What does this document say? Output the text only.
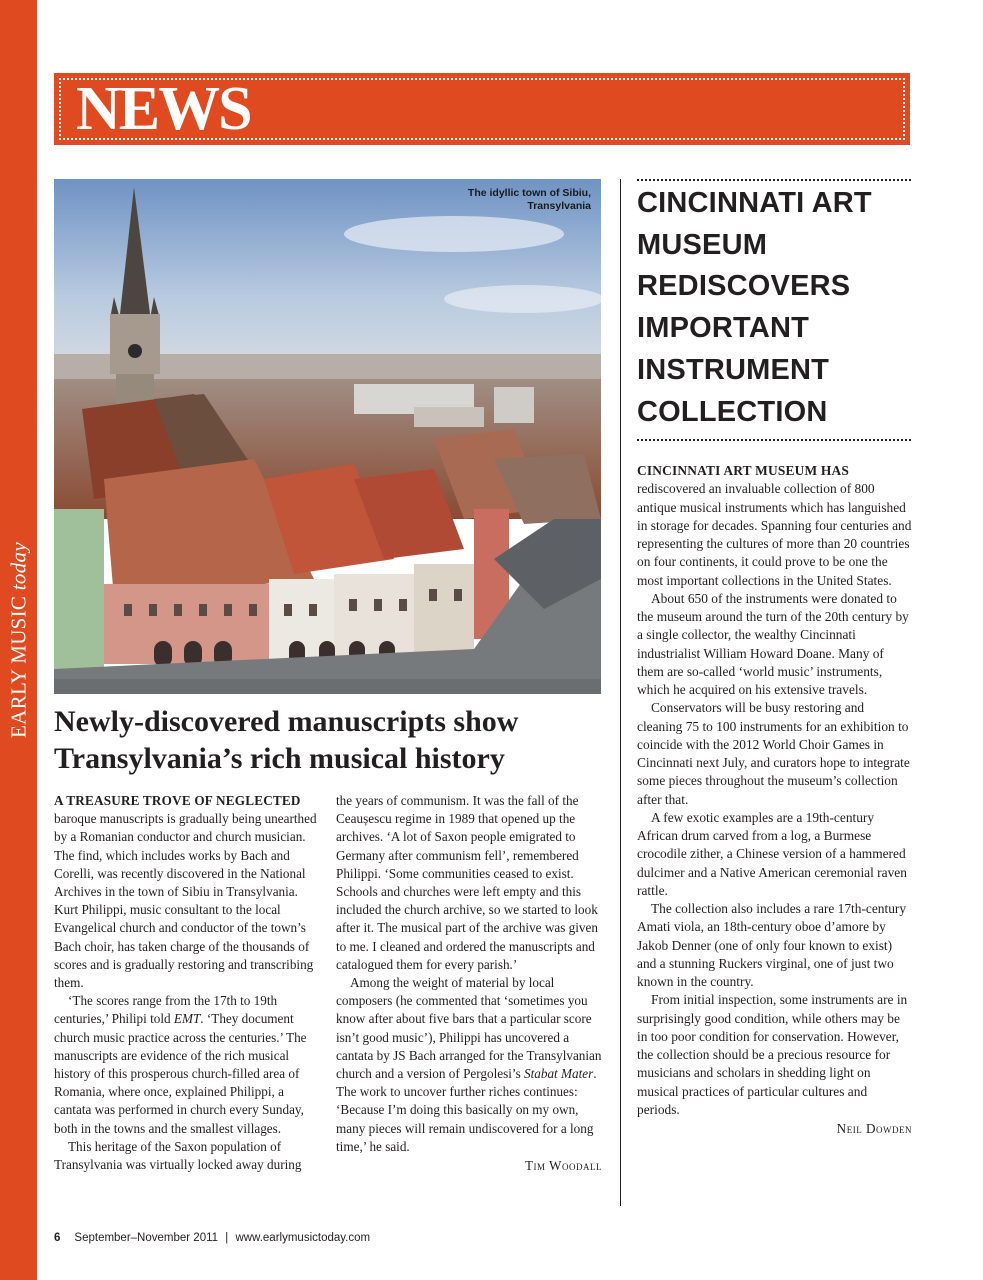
EARLY MUSIC today
NEWS
The idyllic town of Sibiu, Transylvania
Newly-discovered manuscripts show Transylvania’s rich musical history

A TREASURE TROVE OF NEGLECTED baroque manuscripts is gradually being unearthed by a Romanian conductor and church musician. The find, which includes works by Bach and Corelli, was recently discovered in the National Archives in the town of Sibiu in Transylvania. Kurt Philippi, music consultant to the local Evangelical church and conductor of the town’s Bach choir, has taken charge of the thousands of scores and is gradually restoring and transcribing them.

‘The scores range from the 17th to 19th centuries,’ Philipi told EMT. ‘They document church music practice across the centuries.’ The manuscripts are evidence of the rich musical history of this prosperous church-filled area of Romania, where once, explained Philippi, a cantata was performed in church every Sunday, both in the towns and the smallest villages.

This heritage of the Saxon population of Transylvania was virtually locked away during

the years of communism. It was the fall of the Ceaușescu regime in 1989 that opened up the archives. ‘A lot of Saxon people emigrated to Germany after communism fell’, remembered Philippi. ‘Some communities ceased to exist. Schools and churches were left empty and this included the church archive, so we started to look after it. The musical part of the archive was given to me. I cleaned and ordered the manuscripts and catalogued them for every parish.’

Among the weight of material by local composers (he commented that ‘sometimes you know after about five bars that a particular score isn’t good music’), Philippi has uncovered a cantata by JS Bach arranged for the Transylvanian church and a version of Pergolesi’s Stabat Mater. The work to uncover further riches continues: ‘Because I’m doing this basically on my own, many pieces will remain undiscovered for a long time,’ he said.

Tim Woodall
CINCINNATI ART MUSEUM REDISCOVERS IMPORTANT INSTRUMENT COLLECTION

CINCINNATI ART MUSEUM HAS rediscovered an invaluable collection of 800 antique musical instruments which has languished in storage for decades. Spanning four centuries and representing the cultures of more than 20 countries on four continents, it could prove to be one the most important collections in the United States.

About 650 of the instruments were donated to the museum around the turn of the 20th century by a single collector, the wealthy Cincinnati industrialist William Howard Doane. Many of them are so-called ‘world music’ instruments, which he acquired on his extensive travels.

Conservators will be busy restoring and cleaning 75 to 100 instruments for an exhibition to coincide with the 2012 World Choir Games in Cincinnati next July, and curators hope to integrate some pieces throughout the museum’s collection after that.

A few exotic examples are a 19th-century African drum carved from a log, a Burmese crocodile zither, a Chinese version of a hammered dulcimer and a Native American ceremonial raven rattle.

The collection also includes a rare 17th-century Amati viola, an 18th-century oboe d’amore by Jakob Denner (one of only four known to exist) and a stunning Ruckers virginal, one of just two known in the country.

From initial inspection, some instruments are in surprisingly good condition, while others may be in too poor condition for conservation. However, the collection should be a precious resource for musicians and scholars in shedding light on musical practices of particular cultures and periods.

Neil Dowden
6 September–November 2011 | www.earlymusictoday.com
